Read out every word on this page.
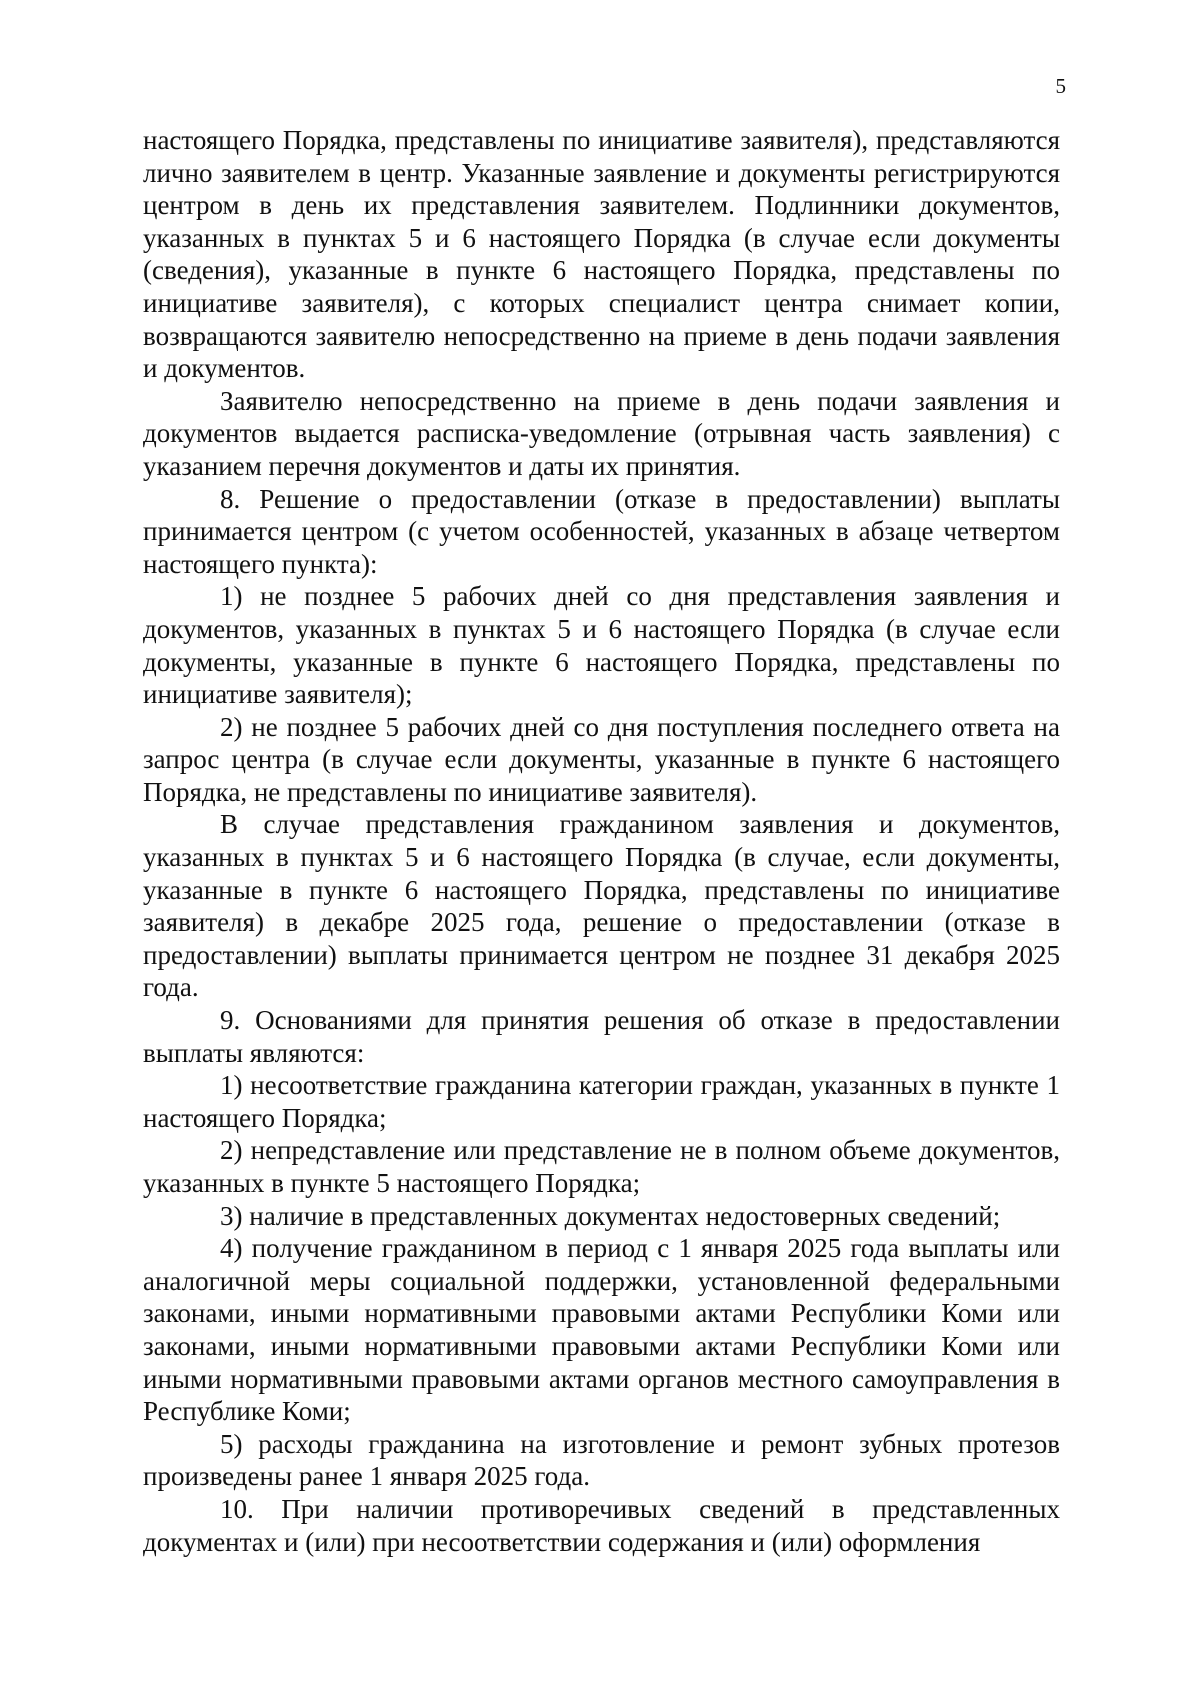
5

настоящего Порядка, представлены по инициативе заявителя), представляются лично заявителем в центр. Указанные заявление и документы регистрируются центром в день их представления заявителем. Подлинники документов, указанных в пунктах 5 и 6 настоящего Порядка (в случае если документы (сведения), указанные в пункте 6 настоящего Порядка, представлены по инициативе заявителя), с которых специалист центра снимает копии, возвращаются заявителю непосредственно на приеме в день подачи заявления и документов.

Заявителю непосредственно на приеме в день подачи заявления и документов выдается расписка-уведомление (отрывная часть заявления) с указанием перечня документов и даты их принятия.

8. Решение о предоставлении (отказе в предоставлении) выплаты принимается центром (с учетом особенностей, указанных в абзаце четвертом настоящего пункта):

1) не позднее 5 рабочих дней со дня представления заявления и документов, указанных в пунктах 5 и 6 настоящего Порядка (в случае если документы, указанные в пункте 6 настоящего Порядка, представлены по инициативе заявителя);

2) не позднее 5 рабочих дней со дня поступления последнего ответа на запрос центра (в случае если документы, указанные в пункте 6 настоящего Порядка, не представлены по инициативе заявителя).

В случае представления гражданином заявления и документов, указанных в пунктах 5 и 6 настоящего Порядка (в случае, если документы, указанные в пункте 6 настоящего Порядка, представлены по инициативе заявителя) в декабре 2025 года, решение о предоставлении (отказе в предоставлении) выплаты принимается центром не позднее 31 декабря 2025 года.

9. Основаниями для принятия решения об отказе в предоставлении выплаты являются:

1) несоответствие гражданина категории граждан, указанных в пункте 1 настоящего Порядка;

2) непредставление или представление не в полном объеме документов, указанных в пункте 5 настоящего Порядка;

3) наличие в представленных документах недостоверных сведений;

4) получение гражданином в период с 1 января 2025 года выплаты или аналогичной меры социальной поддержки, установленной федеральными законами, иными нормативными правовыми актами Республики Коми или законами, иными нормативными правовыми актами Республики Коми или иными нормативными правовыми актами органов местного самоуправления в Республике Коми;

5) расходы гражданина на изготовление и ремонт зубных протезов произведены ранее 1 января 2025 года.

10. При наличии противоречивых сведений в представленных документах и (или) при несоответствии содержания и (или) оформления
